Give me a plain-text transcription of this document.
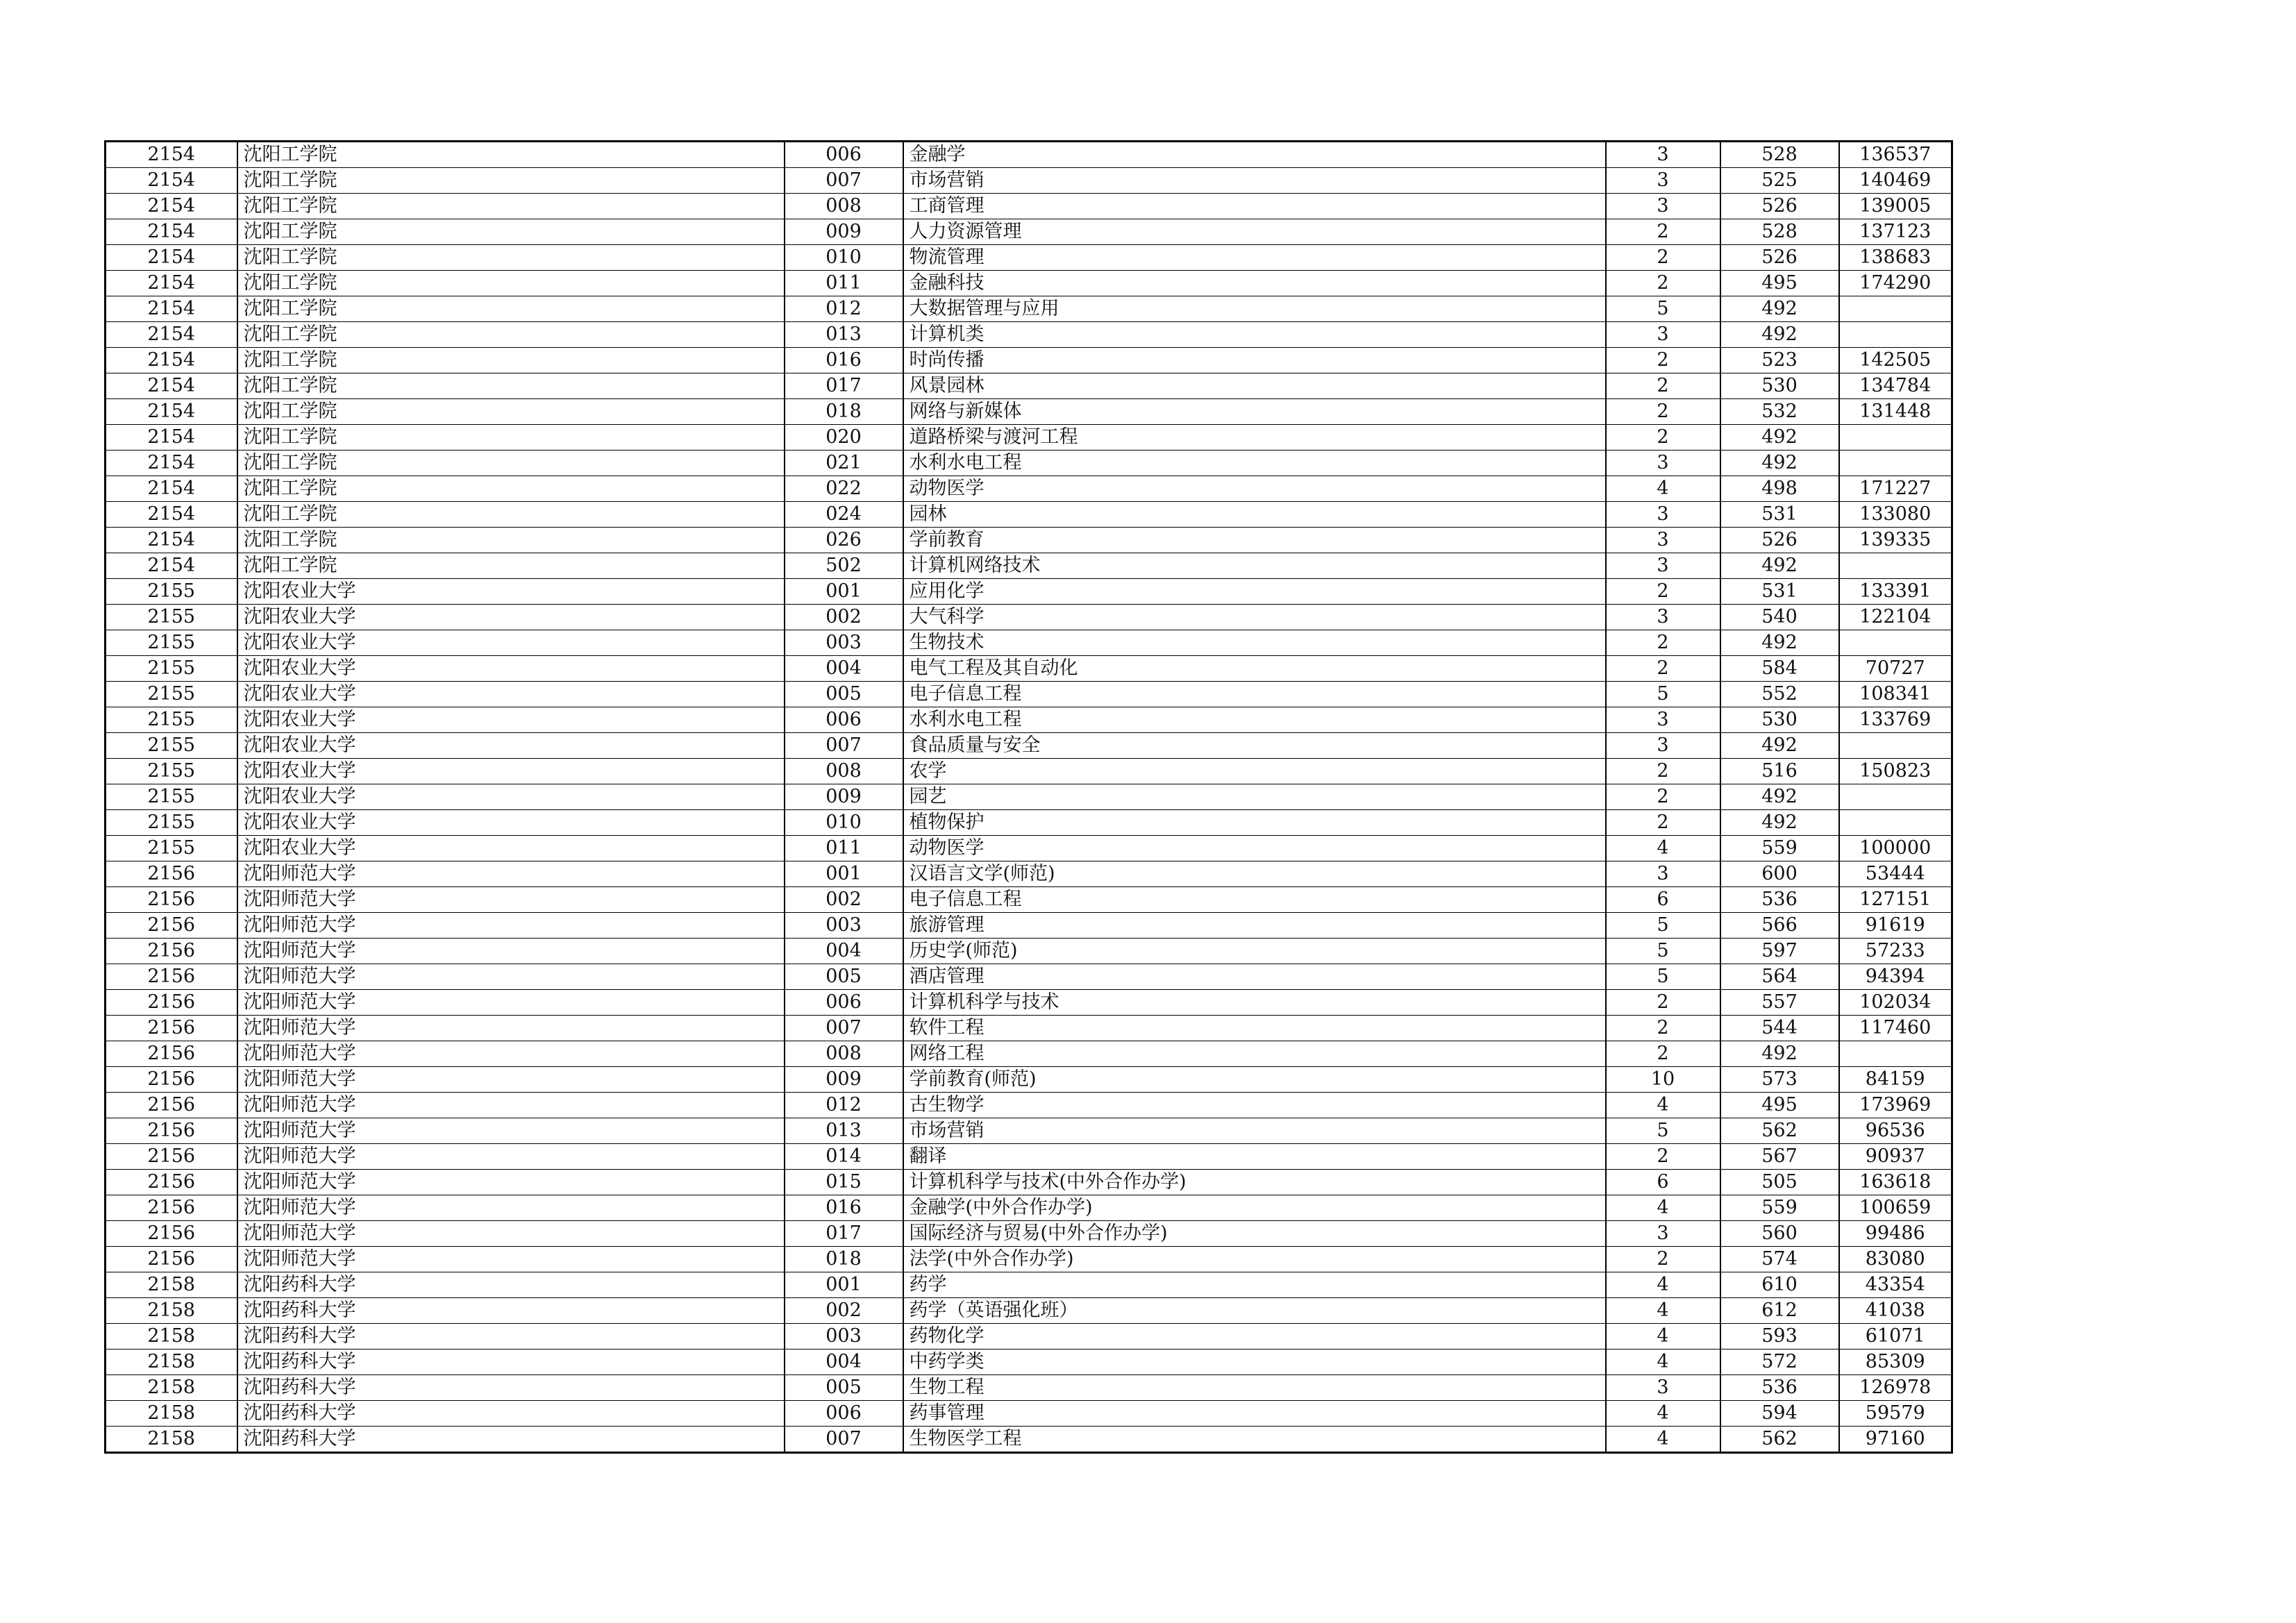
2154	沈阳工学院	006	金融学	3	528	136537
2154	沈阳工学院	007	市场营销	3	525	140469
2154	沈阳工学院	008	工商管理	3	526	139005
2154	沈阳工学院	009	人力资源管理	2	528	137123
2154	沈阳工学院	010	物流管理	2	526	138683
2154	沈阳工学院	011	金融科技	2	495	174290
2154	沈阳工学院	012	大数据管理与应用	5	492	
2154	沈阳工学院	013	计算机类	3	492	
2154	沈阳工学院	016	时尚传播	2	523	142505
2154	沈阳工学院	017	风景园林	2	530	134784
2154	沈阳工学院	018	网络与新媒体	2	532	131448
2154	沈阳工学院	020	道路桥梁与渡河工程	2	492	
2154	沈阳工学院	021	水利水电工程	3	492	
2154	沈阳工学院	022	动物医学	4	498	171227
2154	沈阳工学院	024	园林	3	531	133080
2154	沈阳工学院	026	学前教育	3	526	139335
2154	沈阳工学院	502	计算机网络技术	3	492	
2155	沈阳农业大学	001	应用化学	2	531	133391
2155	沈阳农业大学	002	大气科学	3	540	122104
2155	沈阳农业大学	003	生物技术	2	492	
2155	沈阳农业大学	004	电气工程及其自动化	2	584	70727
2155	沈阳农业大学	005	电子信息工程	5	552	108341
2155	沈阳农业大学	006	水利水电工程	3	530	133769
2155	沈阳农业大学	007	食品质量与安全	3	492	
2155	沈阳农业大学	008	农学	2	516	150823
2155	沈阳农业大学	009	园艺	2	492	
2155	沈阳农业大学	010	植物保护	2	492	
2155	沈阳农业大学	011	动物医学	4	559	100000
2156	沈阳师范大学	001	汉语言文学(师范)	3	600	53444
2156	沈阳师范大学	002	电子信息工程	6	536	127151
2156	沈阳师范大学	003	旅游管理	5	566	91619
2156	沈阳师范大学	004	历史学(师范)	5	597	57233
2156	沈阳师范大学	005	酒店管理	5	564	94394
2156	沈阳师范大学	006	计算机科学与技术	2	557	102034
2156	沈阳师范大学	007	软件工程	2	544	117460
2156	沈阳师范大学	008	网络工程	2	492	
2156	沈阳师范大学	009	学前教育(师范)	10	573	84159
2156	沈阳师范大学	012	古生物学	4	495	173969
2156	沈阳师范大学	013	市场营销	5	562	96536
2156	沈阳师范大学	014	翻译	2	567	90937
2156	沈阳师范大学	015	计算机科学与技术(中外合作办学)	6	505	163618
2156	沈阳师范大学	016	金融学(中外合作办学)	4	559	100659
2156	沈阳师范大学	017	国际经济与贸易(中外合作办学)	3	560	99486
2156	沈阳师范大学	018	法学(中外合作办学)	2	574	83080
2158	沈阳药科大学	001	药学	4	610	43354
2158	沈阳药科大学	002	药学（英语强化班）	4	612	41038
2158	沈阳药科大学	003	药物化学	4	593	61071
2158	沈阳药科大学	004	中药学类	4	572	85309
2158	沈阳药科大学	005	生物工程	3	536	126978
2158	沈阳药科大学	006	药事管理	4	594	59579
2158	沈阳药科大学	007	生物医学工程	4	562	97160
